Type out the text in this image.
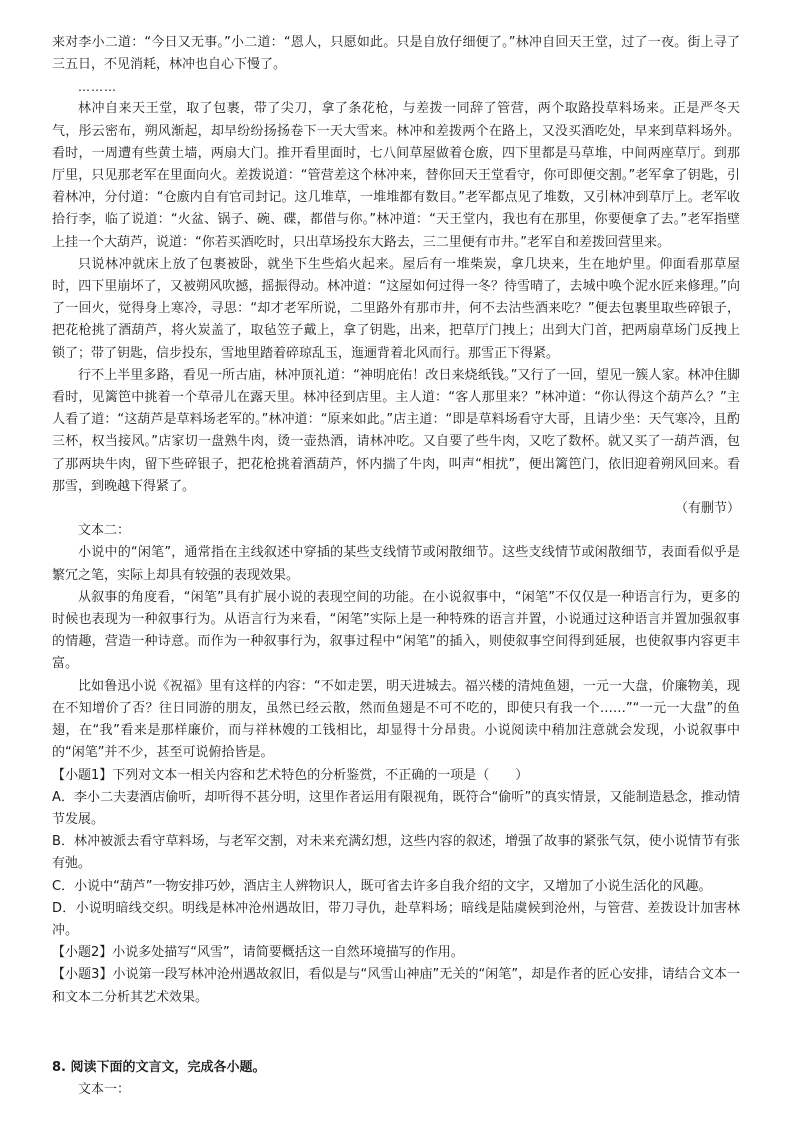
来对李小二道：“今日又无事。”小二道：“恩人，只愿如此。只是自放仔细便了。”林冲自回天王堂，过了一夜。街上寻了三五日，不见消耗，林冲也自心下慢了。

………

林冲自来天王堂，取了包裹，带了尖刀，拿了条花枪，与差拨一同辞了管营，两个取路投草料场来。正是严冬天气，彤云密布，朔风渐起，却早纷纷扬扬卷下一天大雪来。林冲和差拨两个在路上，又没买酒吃处，早来到草料场外。看时，一周遭有些黄土墙，两扇大门。推开看里面时，七八间草屋做着仓廒，四下里都是马草堆，中间两座草厅。到那厅里，只见那老军在里面向火。差拨说道：“管营差这个林冲来，替你回天王堂看守，你可即便交割。”老军拿了钥匙，引着林冲，分付道：“仓廒内自有官司封记。这几堆草，一堆堆都有数目。”老军都点见了堆数，又引林冲到草厅上。老军收拾行李，临了说道：“火盆、锅子、碗、碟，都借与你。”林冲道：“天王堂内，我也有在那里，你要便拿了去。”老军指壁上挂一个大葫芦，说道：“你若买酒吃时，只出草场投东大路去，三二里便有市井。”老军自和差拨回营里来。

只说林冲就床上放了包裹被卧，就坐下生些焰火起来。屋后有一堆柴炭，拿几块来，生在地炉里。仰面看那草屋时，四下里崩坏了，又被朔风吹撼，摇振得动。林冲道：“这屋如何过得一冬？待雪晴了，去城中唤个泥水匠来修理。”向了一回火，觉得身上寒冷，寻思：“却才老军所说，二里路外有那市井，何不去沽些酒来吃？”便去包裹里取些碎银子，把花枪挑了酒葫芦，将火炭盖了，取毡笠子戴上，拿了钥匙，出来，把草厅门拽上；出到大门首，把两扇草场门反拽上锁了；带了钥匙，信步投东，雪地里踏着碎琼乱玉，迤逦背着北风而行。那雪正下得紧。

行不上半里多路，看见一所古庙，林冲顶礼道：“神明庇佑！改日来烧纸钱。”又行了一回，望见一簇人家。林冲住脚看时，见篱笆中挑着一个草帚儿在露天里。林冲径到店里。主人道：“客人那里来？”林冲道：“你认得这个葫芦么？”主人看了道：“这葫芦是草料场老军的。”林冲道：“原来如此。”店主道：“即是草料场看守大哥，且请少坐：天气寒冷，且酌三杯，权当接风。”店家切一盘熟牛肉，烫一壶热酒，请林冲吃。又自要了些牛肉，又吃了数杯。就又买了一葫芦酒，包了那两块牛肉，留下些碎银子，把花枪挑着酒葫芦，怀内揣了牛肉，叫声“相扰”，便出篱笆门，依旧迎着朔风回来。看那雪，到晚越下得紧了。

（有删节）

文本二：

小说中的“闲笔”，通常指在主线叙述中穿插的某些支线情节或闲散细节。这些支线情节或闲散细节，表面看似乎是繁冗之笔，实际上却具有较强的表现效果。

从叙事的角度看，“闲笔”具有扩展小说的表现空间的功能。在小说叙事中，“闲笔”不仅仅是一种语言行为，更多的时候也表现为一种叙事行为。从语言行为来看，“闲笔”实际上是一种特殊的语言并置，小说通过这种语言并置加强叙事的情趣，营造一种诗意。而作为一种叙事行为，叙事过程中“闲笔”的插入，则使叙事空间得到延展，也使叙事内容更丰富。

比如鲁迅小说《祝福》里有这样的内容：“不如走罢，明天进城去。福兴楼的清炖鱼翅，一元一大盘，价廉物美，现在不知增价了否？往日同游的朋友，虽然已经云散，然而鱼翅是不可不吃的，即使只有我一个……”“一元一大盘”的鱼翅，在“我”看来是那样廉价，而与祥林嫂的工钱相比，却显得十分昂贵。小说阅读中稍加注意就会发现，小说叙事中的“闲笔”并不少，甚至可说俯拾皆是。

【小题1】下列对文本一相关内容和艺术特色的分析鉴赏，不正确的一项是（　　）

A．李小二夫妻酒店偷听，却听得不甚分明，这里作者运用有限视角，既符合“偷听”的真实情景，又能制造悬念，推动情节发展。

B．林冲被派去看守草料场，与老军交割，对未来充满幻想，这些内容的叙述，增强了故事的紧张气氛，使小说情节有张有弛。

C．小说中“葫芦”一物安排巧妙，酒店主人辨物识人，既可省去许多自我介绍的文字，又增加了小说生活化的风趣。

D．小说明暗线交织。明线是林冲沧州遇故旧，带刀寻仇，赴草料场；暗线是陆虞候到沧州，与管营、差拨设计加害林冲。

【小题2】小说多处描写“风雪”，请简要概括这一自然环境描写的作用。

【小题3】小说第一段写林冲沧州遇故叙旧，看似是与“风雪山神庙”无关的“闲笔”，却是作者的匠心安排，请结合文本一和文本二分析其艺术效果。

8. 阅读下面的文言文，完成各小题。

文本一：
